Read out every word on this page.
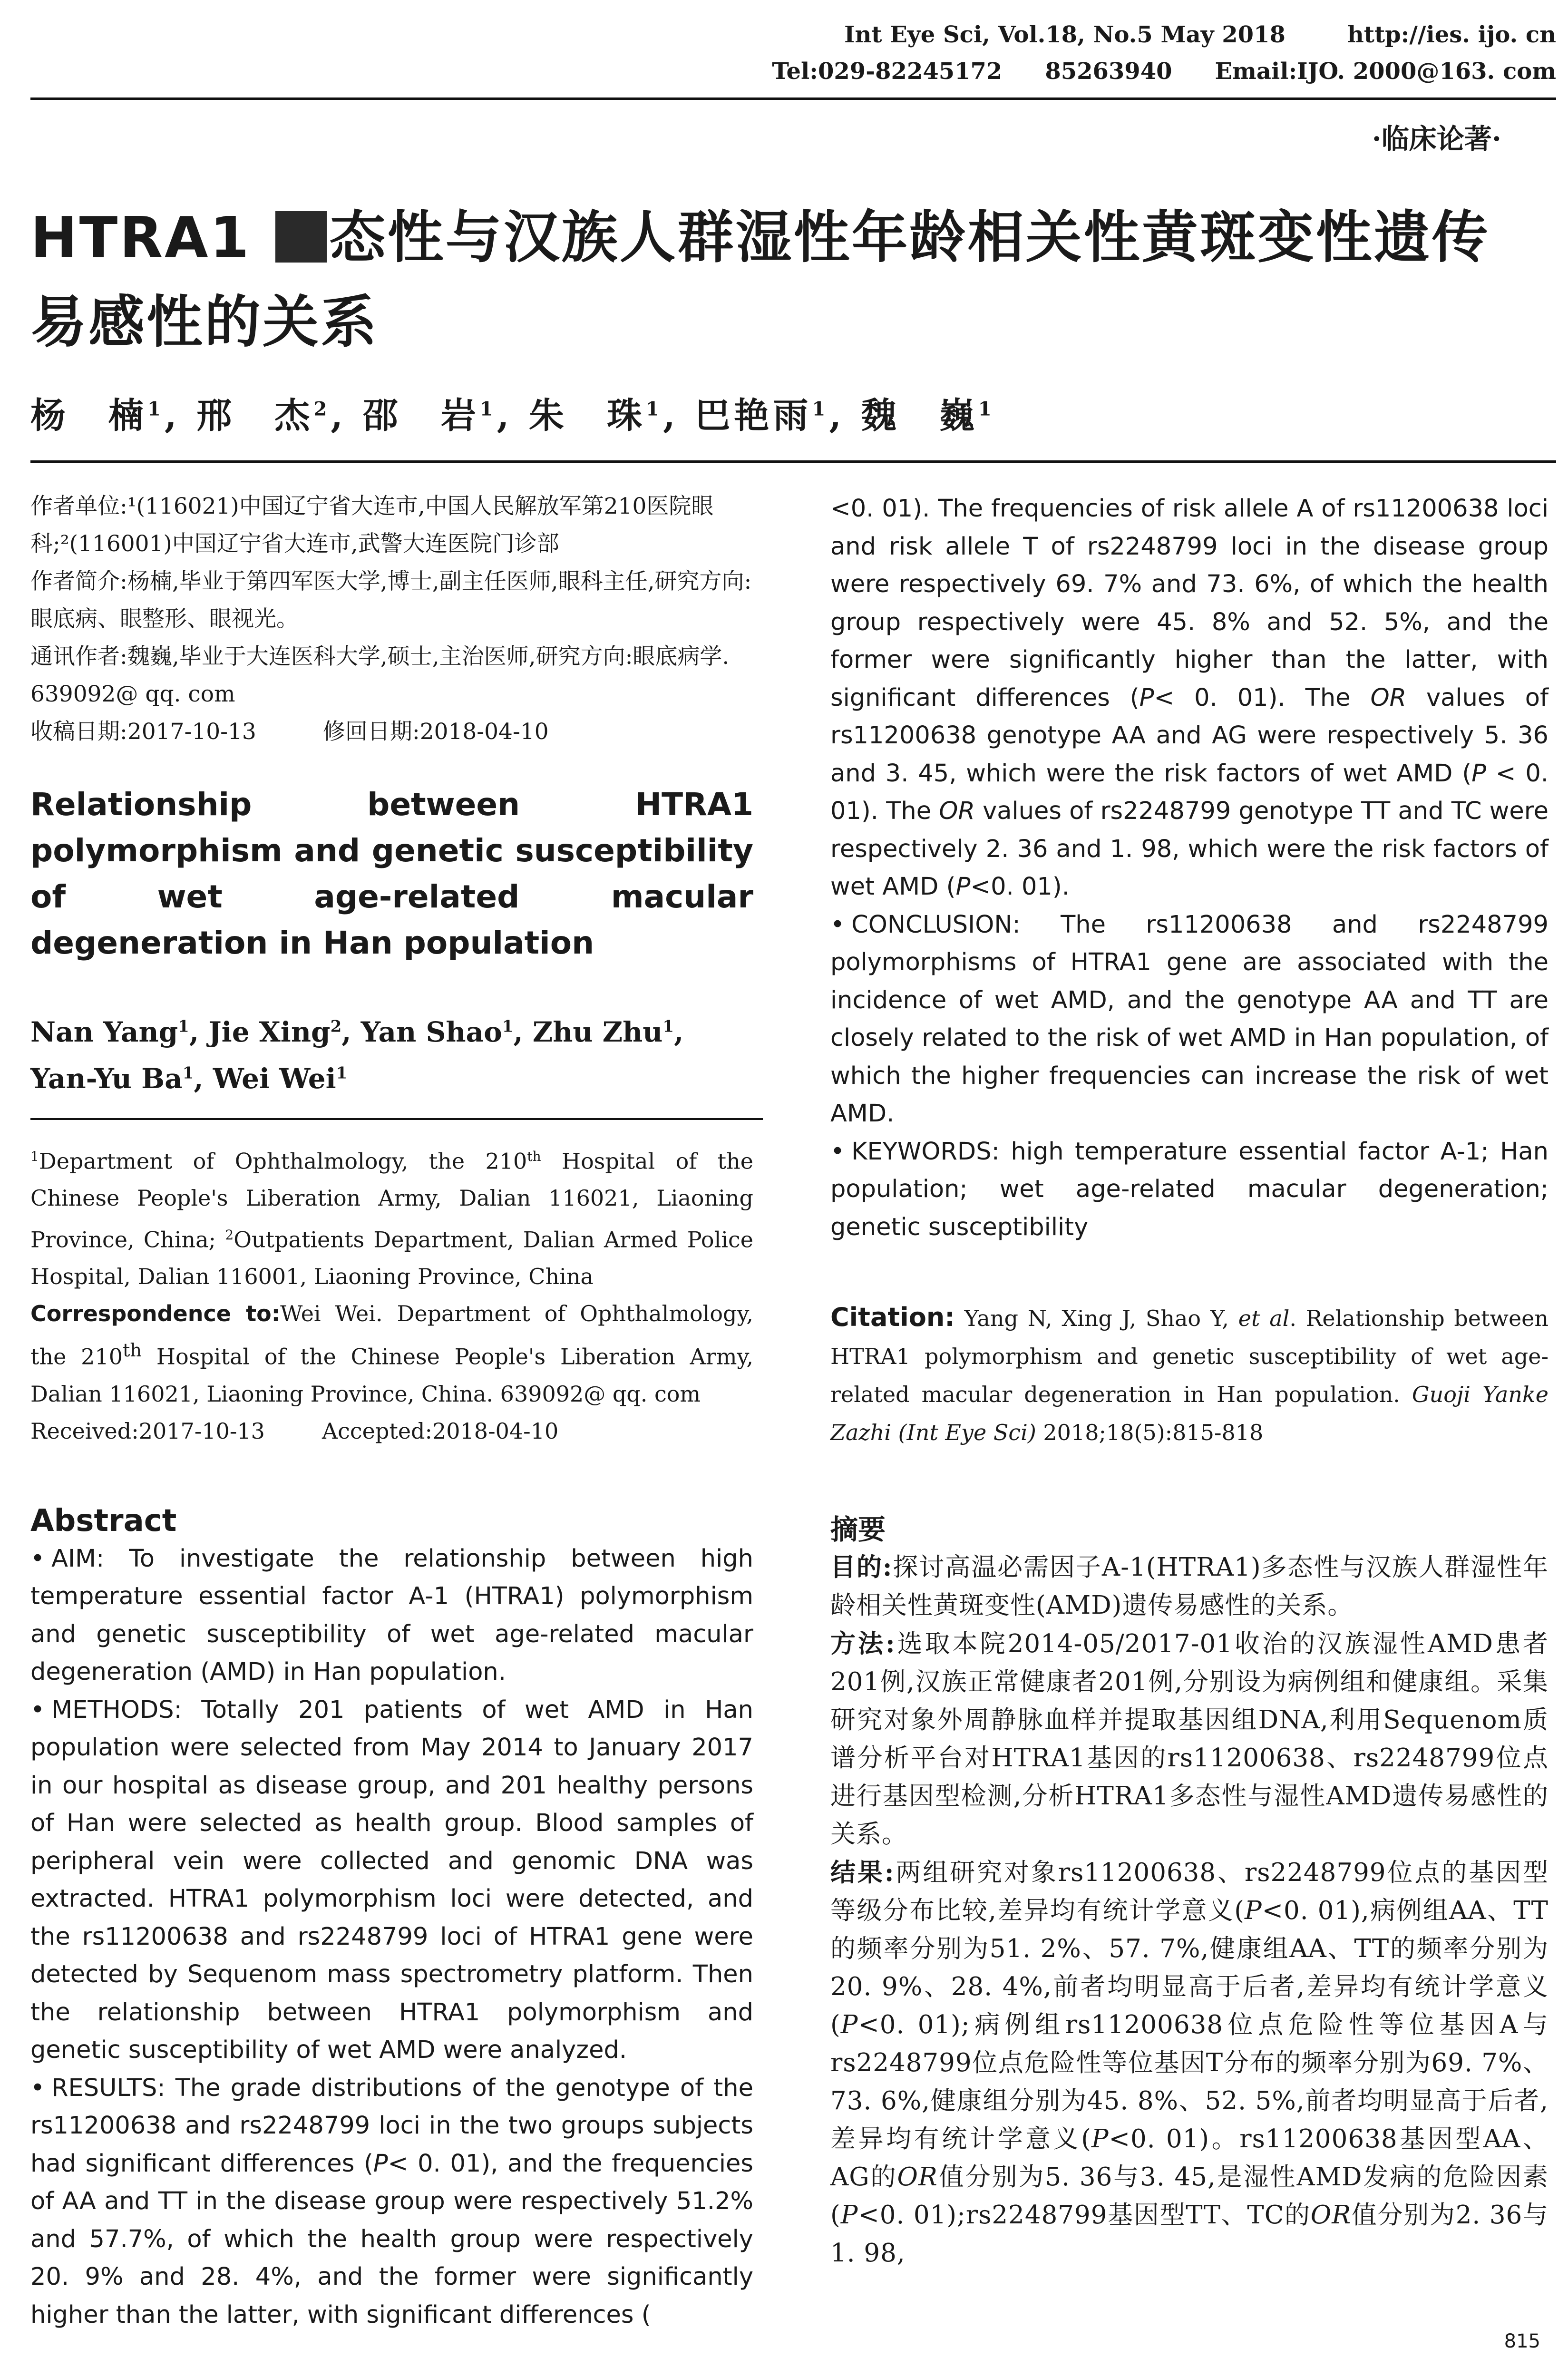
Int Eye Sci, Vol.18, No.5 May 2018	http://ies. ijo. cn
Tel:029-82245172 85263940 Email:IJO. 2000@163. com
·临床论著·
HTRA1 态性与汉族人群湿性年龄相关性黄斑变性遗传
易感性的关系
杨　楠$^1$, 邢　杰$^2$, 邵　岩$^1$, 朱　珠$^1$, 巴艳雨$^1$, 魏　巍$^1$

作者单位:¹(116021)中国辽宁省大连市,中国人民解放军第210医院眼科;²(116001)中国辽宁省大连市,武警大连医院门诊部

作者简介:杨楠,毕业于第四军医大学,博士,副主任医师,眼科主任,研究方向:眼底病、眼整形、眼视光。

通讯作者:魏巍,毕业于大连医科大学,硕士,主治医师,研究方向:眼底病学. 639092@ qq. com

收稿日期:2017-10-13	修回日期:2018-04-10

Relationship between HTRA1 polymorphism and genetic susceptibility of wet age-related macular degeneration in Han population
Nan Yang$^1$, Jie Xing$^2$, Yan Shao$^1$, Zhu Zhu$^1$, Yan-Yu Ba$^1$, Wei Wei$^1$

$^1$Department of Ophthalmology, the 210th Hospital of the Chinese People's Liberation Army, Dalian 116021, Liaoning Province, China; $^2$Outpatients Department, Dalian Armed Police Hospital, Dalian 116001, Liaoning Province, China

Correspondence to:Wei Wei. Department of Ophthalmology, the 210th Hospital of the Chinese People's Liberation Army, Dalian 116021, Liaoning Province, China. 639092@ qq. com

Received:2017-10-13	Accepted:2018-04-10

Abstract

• AIM: To investigate the relationship between high temperature essential factor A-1 (HTRA1) polymorphism and genetic susceptibility of wet age-related macular degeneration (AMD) in Han population.

• METHODS: Totally 201 patients of wet AMD in Han population were selected from May 2014 to January 2017 in our hospital as disease group, and 201 healthy persons of Han were selected as health group. Blood samples of peripheral vein were collected and genomic DNA was extracted. HTRA1 polymorphism loci were detected, and the rs11200638 and rs2248799 loci of HTRA1 gene were detected by Sequenom mass spectrometry platform. Then the relationship between HTRA1 polymorphism and genetic susceptibility of wet AMD were analyzed.

• RESULTS: The grade distributions of the genotype of the rs11200638 and rs2248799 loci in the two groups subjects had significant differences (P< 0. 01), and the frequencies of AA and TT in the disease group were respectively 51.2% and 57.7%, of which the health group were respectively 20. 9% and 28. 4%, and the former were significantly higher than the latter, with significant differences (

<0. 01). The frequencies of risk allele A of rs11200638 loci and risk allele T of rs2248799 loci in the disease group were respectively 69. 7% and 73. 6%, of which the health group respectively were 45. 8% and 52. 5%, and the former were significantly higher than the latter, with significant differences (P< 0. 01). The OR values of rs11200638 genotype AA and AG were respectively 5. 36 and 3. 45, which were the risk factors of wet AMD (P < 0. 01). The OR values of rs2248799 genotype TT and TC were respectively 2. 36 and 1. 98, which were the risk factors of wet AMD (P<0. 01).

• CONCLUSION: The rs11200638 and rs2248799 polymorphisms of HTRA1 gene are associated with the incidence of wet AMD, and the genotype AA and TT are closely related to the risk of wet AMD in Han population, of which the higher frequencies can increase the risk of wet AMD.

• KEYWORDS: high temperature essential factor A-1; Han population; wet age-related macular degeneration; genetic susceptibility

Citation: Yang N, Xing J, Shao Y, et al. Relationship between HTRA1 polymorphism and genetic susceptibility of wet age-related macular degeneration in Han population. Guoji Yanke Zazhi (Int Eye Sci) 2018;18(5):815-818

摘要

目的:探讨高温必需因子A-1(HTRA1)多态性与汉族人群湿性年龄相关性黄斑变性(AMD)遗传易感性的关系。

方法:选取本院2014-05/2017-01收治的汉族湿性AMD患者201例,汉族正常健康者201例,分别设为病例组和健康组。采集研究对象外周静脉血样并提取基因组DNA,利用Sequenom质谱分析平台对HTRA1基因的rs11200638、rs2248799位点进行基因型检测,分析HTRA1多态性与湿性AMD遗传易感性的关系。

结果:两组研究对象rs11200638、rs2248799位点的基因型等级分布比较,差异均有统计学意义(P<0. 01),病例组AA、TT的频率分别为51. 2%、57. 7%,健康组AA、TT的频率分别为20. 9%、28. 4%,前者均明显高于后者,差异均有统计学意义(P<0. 01);病例组rs11200638位点危险性等位基因A与rs2248799位点危险性等位基因T分布的频率分别为69. 7%、73. 6%,健康组分别为45. 8%、52. 5%,前者均明显高于后者,差异均有统计学意义(P<0. 01)。rs11200638基因型AA、AG的OR值分别为5. 36与3. 45,是湿性AMD发病的危险因素(P<0. 01);rs2248799基因型TT、TC的OR值分别为2. 36与1. 98,

815
